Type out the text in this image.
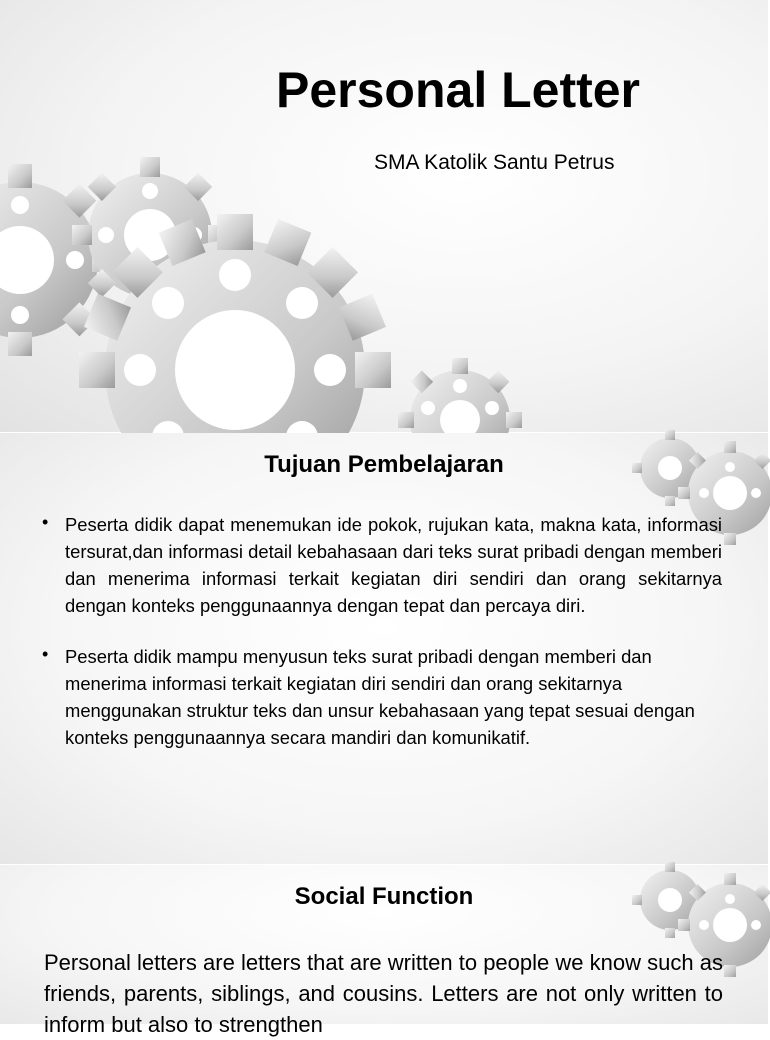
Personal Letter
SMA Katolik Santu Petrus
Tujuan Pembelajaran
• Peserta didik dapat menemukan ide pokok, rujukan kata, makna kata, informasi tersurat,dan informasi detail kebahasaan dari teks surat pribadi dengan memberi dan menerima informasi terkait kegiatan diri sendiri dan orang sekitarnya dengan konteks penggunaannya dengan tepat dan percaya diri.
• Peserta didik mampu menyusun teks surat pribadi dengan memberi dan menerima informasi terkait kegiatan diri sendiri dan orang sekitarnya menggunakan struktur teks dan unsur kebahasaan yang tepat sesuai dengan konteks penggunaannya secara mandiri dan komunikatif.
Social Function

Personal letters are letters that are written to people we know such as friends, parents, siblings, and cousins. Letters are not only written to inform but also to strengthen
